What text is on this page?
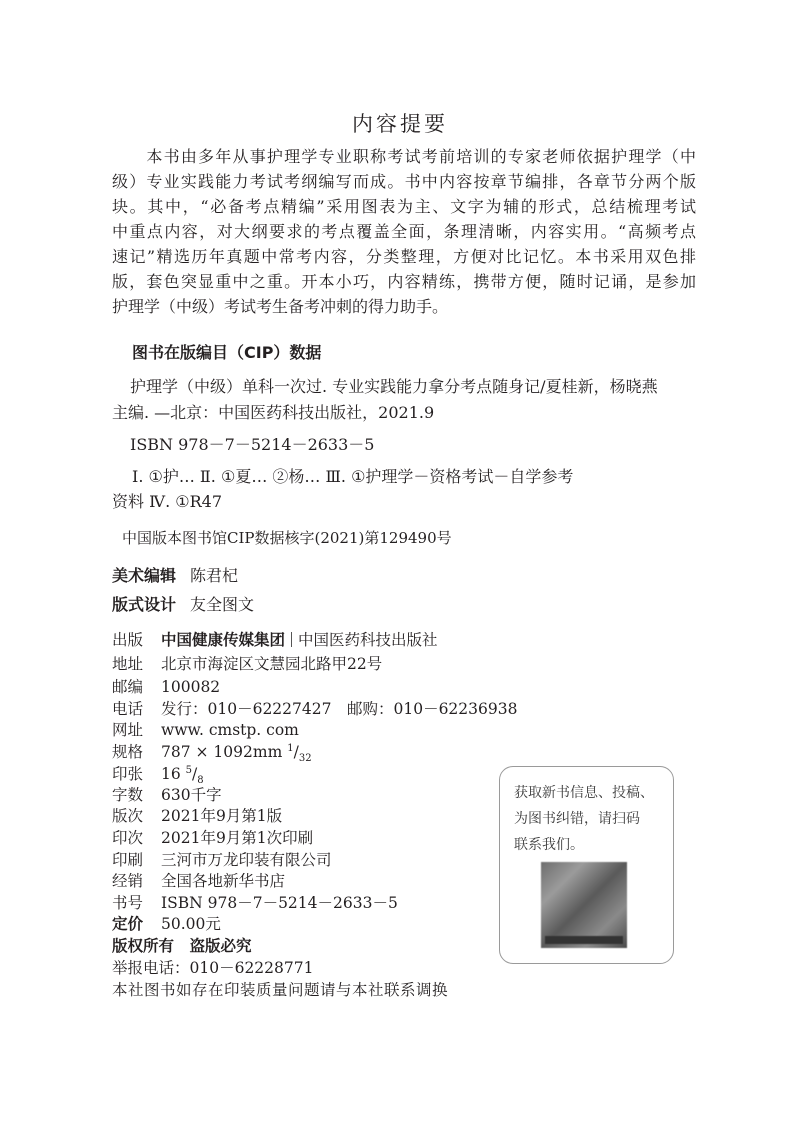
内容提要
　　本书由多年从事护理学专业职称考试考前培训的专家老师依据护理学（中
级）专业实践能力考试考纲编写而成。书中内容按章节编排，各章节分两个版
块。其中，“必备考点精编”采用图表为主、文字为辅的形式，总结梳理考试
中重点内容，对大纲要求的考点覆盖全面，条理清晰，内容实用。“高频考点
速记”精选历年真题中常考内容，分类整理，方便对比记忆。本书采用双色排
版，套色突显重中之重。开本小巧，内容精练，携带方便，随时记诵，是参加
护理学（中级）考试考生备考冲刺的得力助手。
图书在版编目（CIP）数据
护理学（中级）单科一次过. 专业实践能力拿分考点随身记/夏桂新，杨晓燕
主编. —北京：中国医药科技出版社，2021.9
ISBN 978－7－5214－2633－5
Ⅰ. ①护… Ⅱ. ①夏… ②杨… Ⅲ. ①护理学－资格考试－自学参考
资料 Ⅳ. ①R47
中国版本图书馆CIP数据核字(2021)第129490号
美术编辑 陈君杞
版式设计 友全图文
出版 中国健康传媒集团 中国医药科技出版社
地址 北京市海淀区文慧园北路甲22号
邮编 100082
电话 发行：010－62227427　邮购：010－62236938
网址 www. cmstp. com
规格 787 × 1092mm $^1/_{32}$
印张 16 $^5/_8$
字数 630千字
版次 2021年9月第1版
印次 2021年9月第1次印刷
印刷 三河市万龙印装有限公司
经销 全国各地新华书店
书号 ISBN 978－7－5214－2633－5
定价 50.00元
版权所有　盗版必究
举报电话：010－62228771
本社图书如存在印装质量问题请与本社联系调换
获取新书信息、投稿、
为图书纠错，请扫码
联系我们。
